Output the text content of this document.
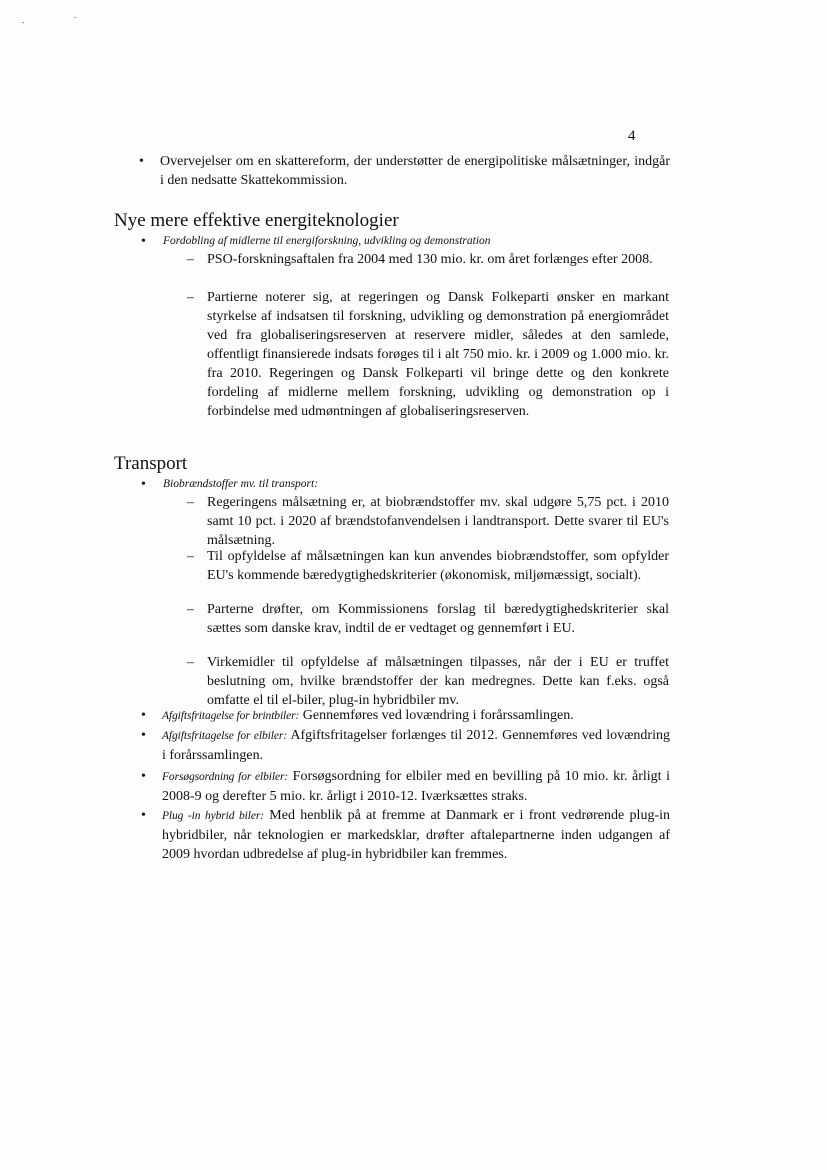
4
• Overvejelser om en skattereform, der understøtter de energipolitiske målsætninger, indgår i den nedsatte Skattekommission.
Nye mere effektive energiteknologier
• Fordobling af midlerne til energiforskning, udvikling og demonstration
– PSO-forskningsaftalen fra 2004 med 130 mio. kr. om året forlænges efter 2008.
– Partierne noterer sig, at regeringen og Dansk Folkeparti ønsker en markant styrkelse af indsatsen til forskning, udvikling og demonstration på energiområdet ved fra globaliseringsreserven at reservere midler, således at den samlede, offentligt finansierede indsats forøges til i alt 750 mio. kr. i 2009 og 1.000 mio. kr. fra 2010. Regeringen og Dansk Folkeparti vil bringe dette og den konkrete fordeling af midlerne mellem forskning, udvikling og demonstration op i forbindelse med udmøntningen af globaliseringsreserven.
Transport
• Biobrændstoffer mv. til transport:
– Regeringens målsætning er, at biobrændstoffer mv. skal udgøre 5,75 pct. i 2010 samt 10 pct. i 2020 af brændstofanvendelsen i landtransport. Dette svarer til EU's målsætning.
– Til opfyldelse af målsætningen kan kun anvendes biobrændstoffer, som opfylder EU's kommende bæredygtighedskriterier (økonomisk, miljømæssigt, socialt).
– Parterne drøfter, om Kommissionens forslag til bæredygtighedskriterier skal sættes som danske krav, indtil de er vedtaget og gennemført i EU.
– Virkemidler til opfyldelse af målsætningen tilpasses, når der i EU er truffet beslutning om, hvilke brændstoffer der kan medregnes. Dette kan f.eks. også omfatte el til el-biler, plug-in hybridbiler mv.
• Afgiftsfritagelse for brintbiler: Gennemføres ved lovændring i forårssamlingen.
• Afgiftsfritagelse for elbiler: Afgiftsfritagelser forlænges til 2012. Gennemføres ved lovændring i forårssamlingen.
• Forsøgsordning for elbiler: Forsøgsordning for elbiler med en bevilling på 10 mio. kr. årligt i 2008-9 og derefter 5 mio. kr. årligt i 2010-12. Iværksættes straks.
• Plug -in hybrid biler: Med henblik på at fremme at Danmark er i front vedrørende plug-in hybridbiler, når teknologien er markedsklar, drøfter aftalepartnerne inden udgangen af 2009 hvordan udbredelse af plug-in hybridbiler kan fremmes.
